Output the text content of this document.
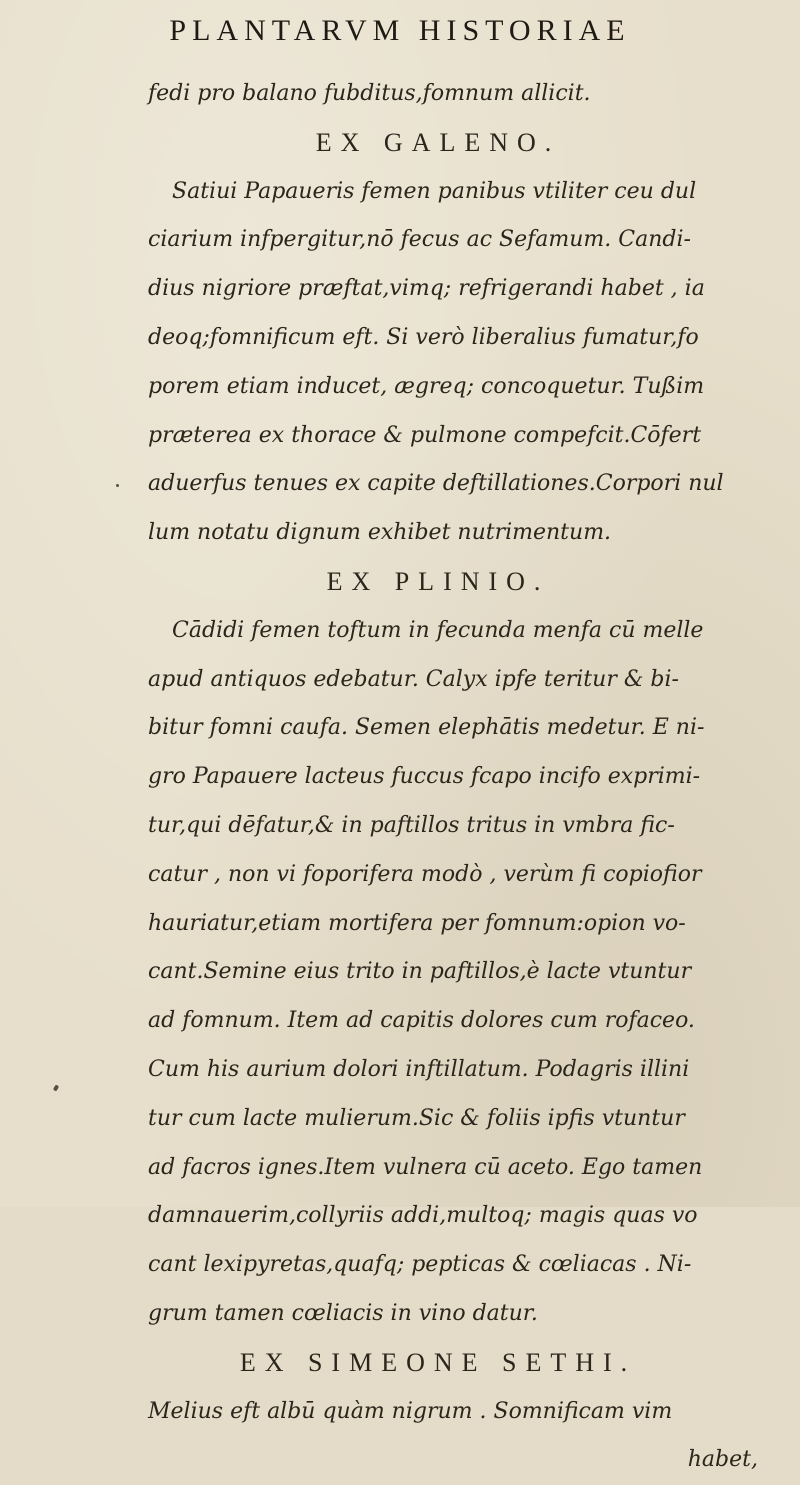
PLANTARVM HISTORIAE
fedi pro balano fubditus,fomnum allicit.
EX GALENO.
Satiui Papaueris femen panibus vtiliter ceu dul
ciarium infpergitur,nō fecus ac Sefamum. Candi-
dius nigriore præftat,vimq; refrigerandi habet , ia
deoq;fomnificum eft. Si verò liberalius fumatur,fo
porem etiam inducet, ægreq; concoquetur. Tußim
præterea ex thorace & pulmone compefcit.Cōfert
aduerfus tenues ex capite deftillationes.Corpori nul
lum notatu dignum exhibet nutrimentum.
EX PLINIO.
Cādidi femen toftum in fecunda menfa cū melle
apud antiquos edebatur. Calyx ipfe teritur & bi-
bitur fomni caufa. Semen elephātis medetur. E ni-
gro Papauere lacteus fuccus fcapo incifo exprimi-
tur,qui dēfatur,& in paftillos tritus in vmbra fic-
catur , non vi foporifera modò , verùm fi copiofior
hauriatur,etiam mortifera per fomnum:opion vo-
cant.Semine eius trito in paftillos,è lacte vtuntur
ad fomnum. Item ad capitis dolores cum rofaceo.
Cum his aurium dolori inftillatum. Podagris illini
tur cum lacte mulierum.Sic & foliis ipfis vtuntur
ad facros ignes.Item vulnera cū aceto. Ego tamen
damnauerim,collyriis addi,multoq; magis quas vo
cant lexipyretas,quafq; pepticas & cœliacas . Ni-
grum tamen cœliacis in vino datur.
EX SIMEONE SETHI.
Melius eft albū quàm nigrum . Somnificam vim
habet,
